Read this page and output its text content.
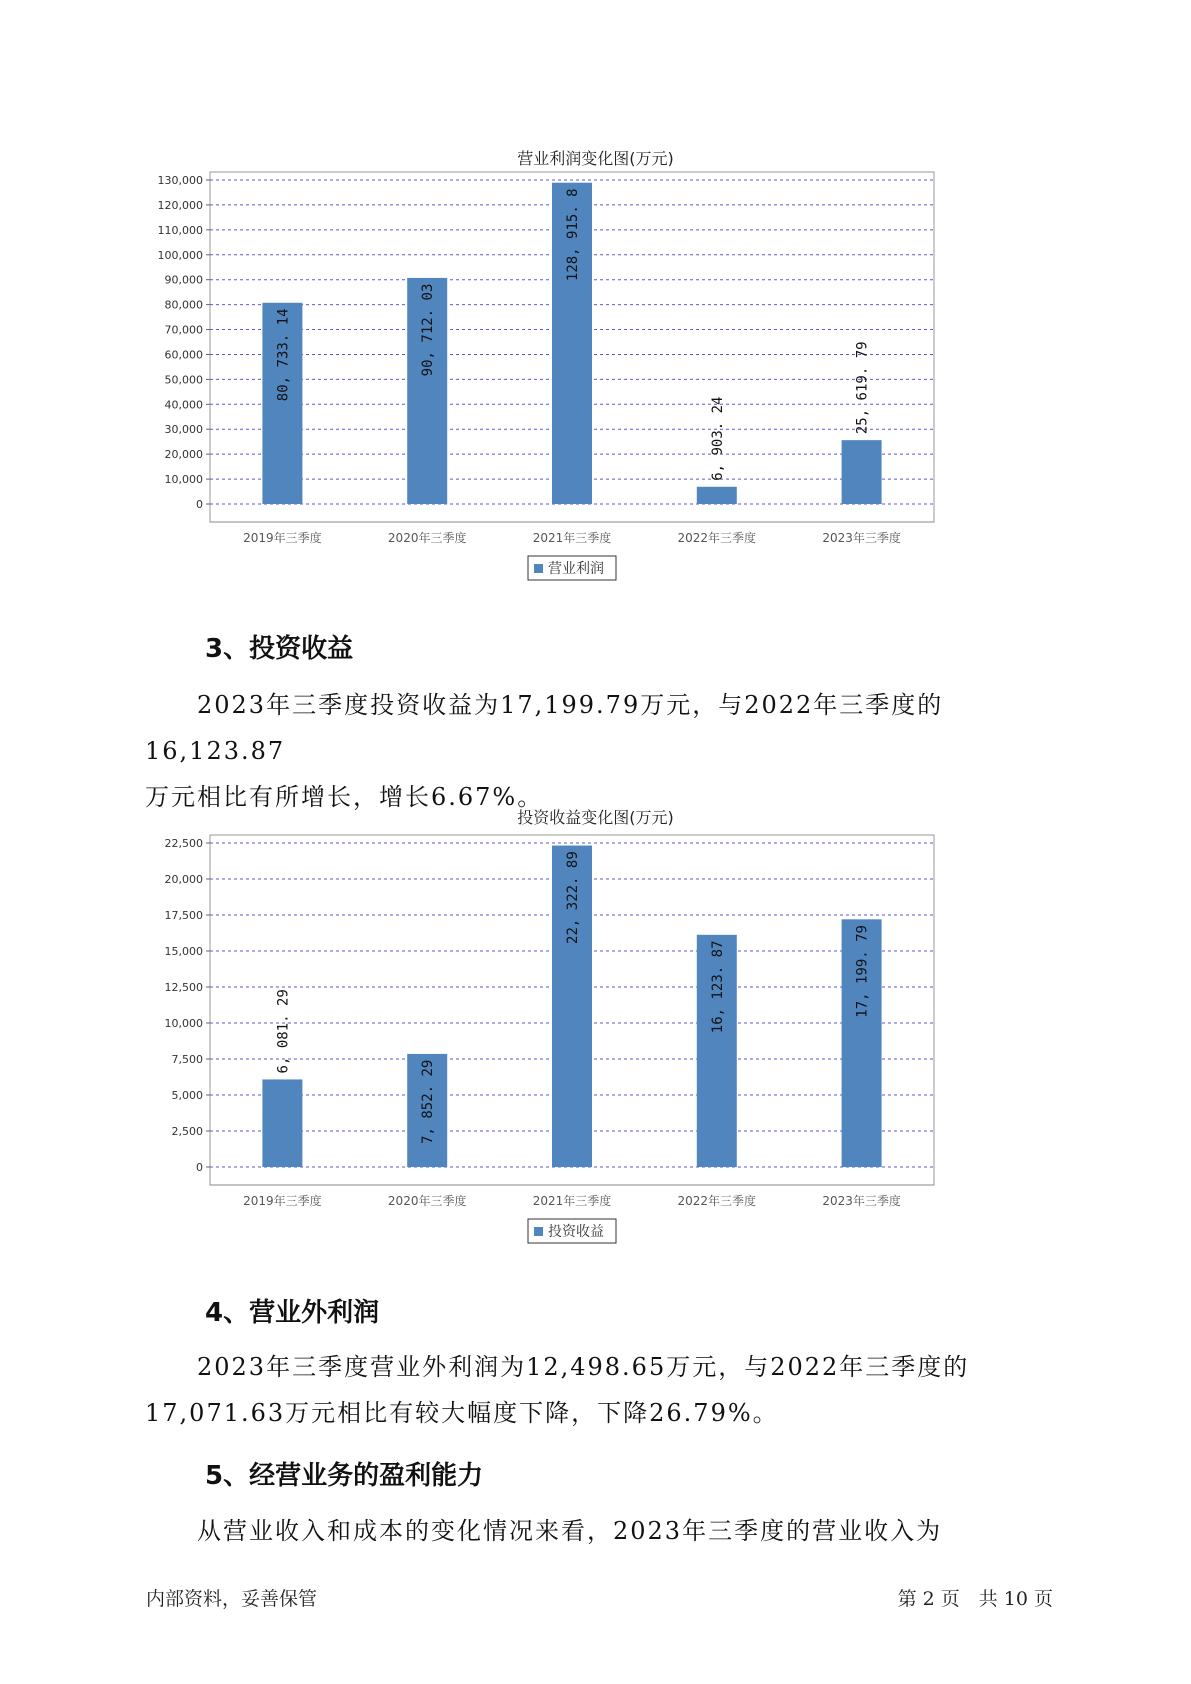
营业利润变化图(万元)
0
10,000
20,000
30,000
40,000
50,000
60,000
70,000
80,000
90,000
100,000
110,000
120,000
130,000
80, 733. 14
2019年三季度
90, 712. 03
2020年三季度
128, 915. 8
2021年三季度
6, 903. 24
2022年三季度
25, 619. 79
2023年三季度
营业利润
3、投资收益
2023年三季度投资收益为17,199.79万元，与2022年三季度的16,123.87
万元相比有所增长，增长6.67%。
投资收益变化图(万元)
0
2,500
5,000
7,500
10,000
12,500
15,000
17,500
20,000
22,500
6, 081. 29
2019年三季度
7, 852. 29
2020年三季度
22, 322. 89
2021年三季度
16, 123. 87
2022年三季度
17, 199. 79
2023年三季度
投资收益
4、营业外利润
2023年三季度营业外利润为12,498.65万元，与2022年三季度的
17,071.63万元相比有较大幅度下降，下降26.79%。
5、经营业务的盈利能力
从营业收入和成本的变化情况来看，2023年三季度的营业收入为
内部资料，妥善保管	第 2 页　共 10 页
